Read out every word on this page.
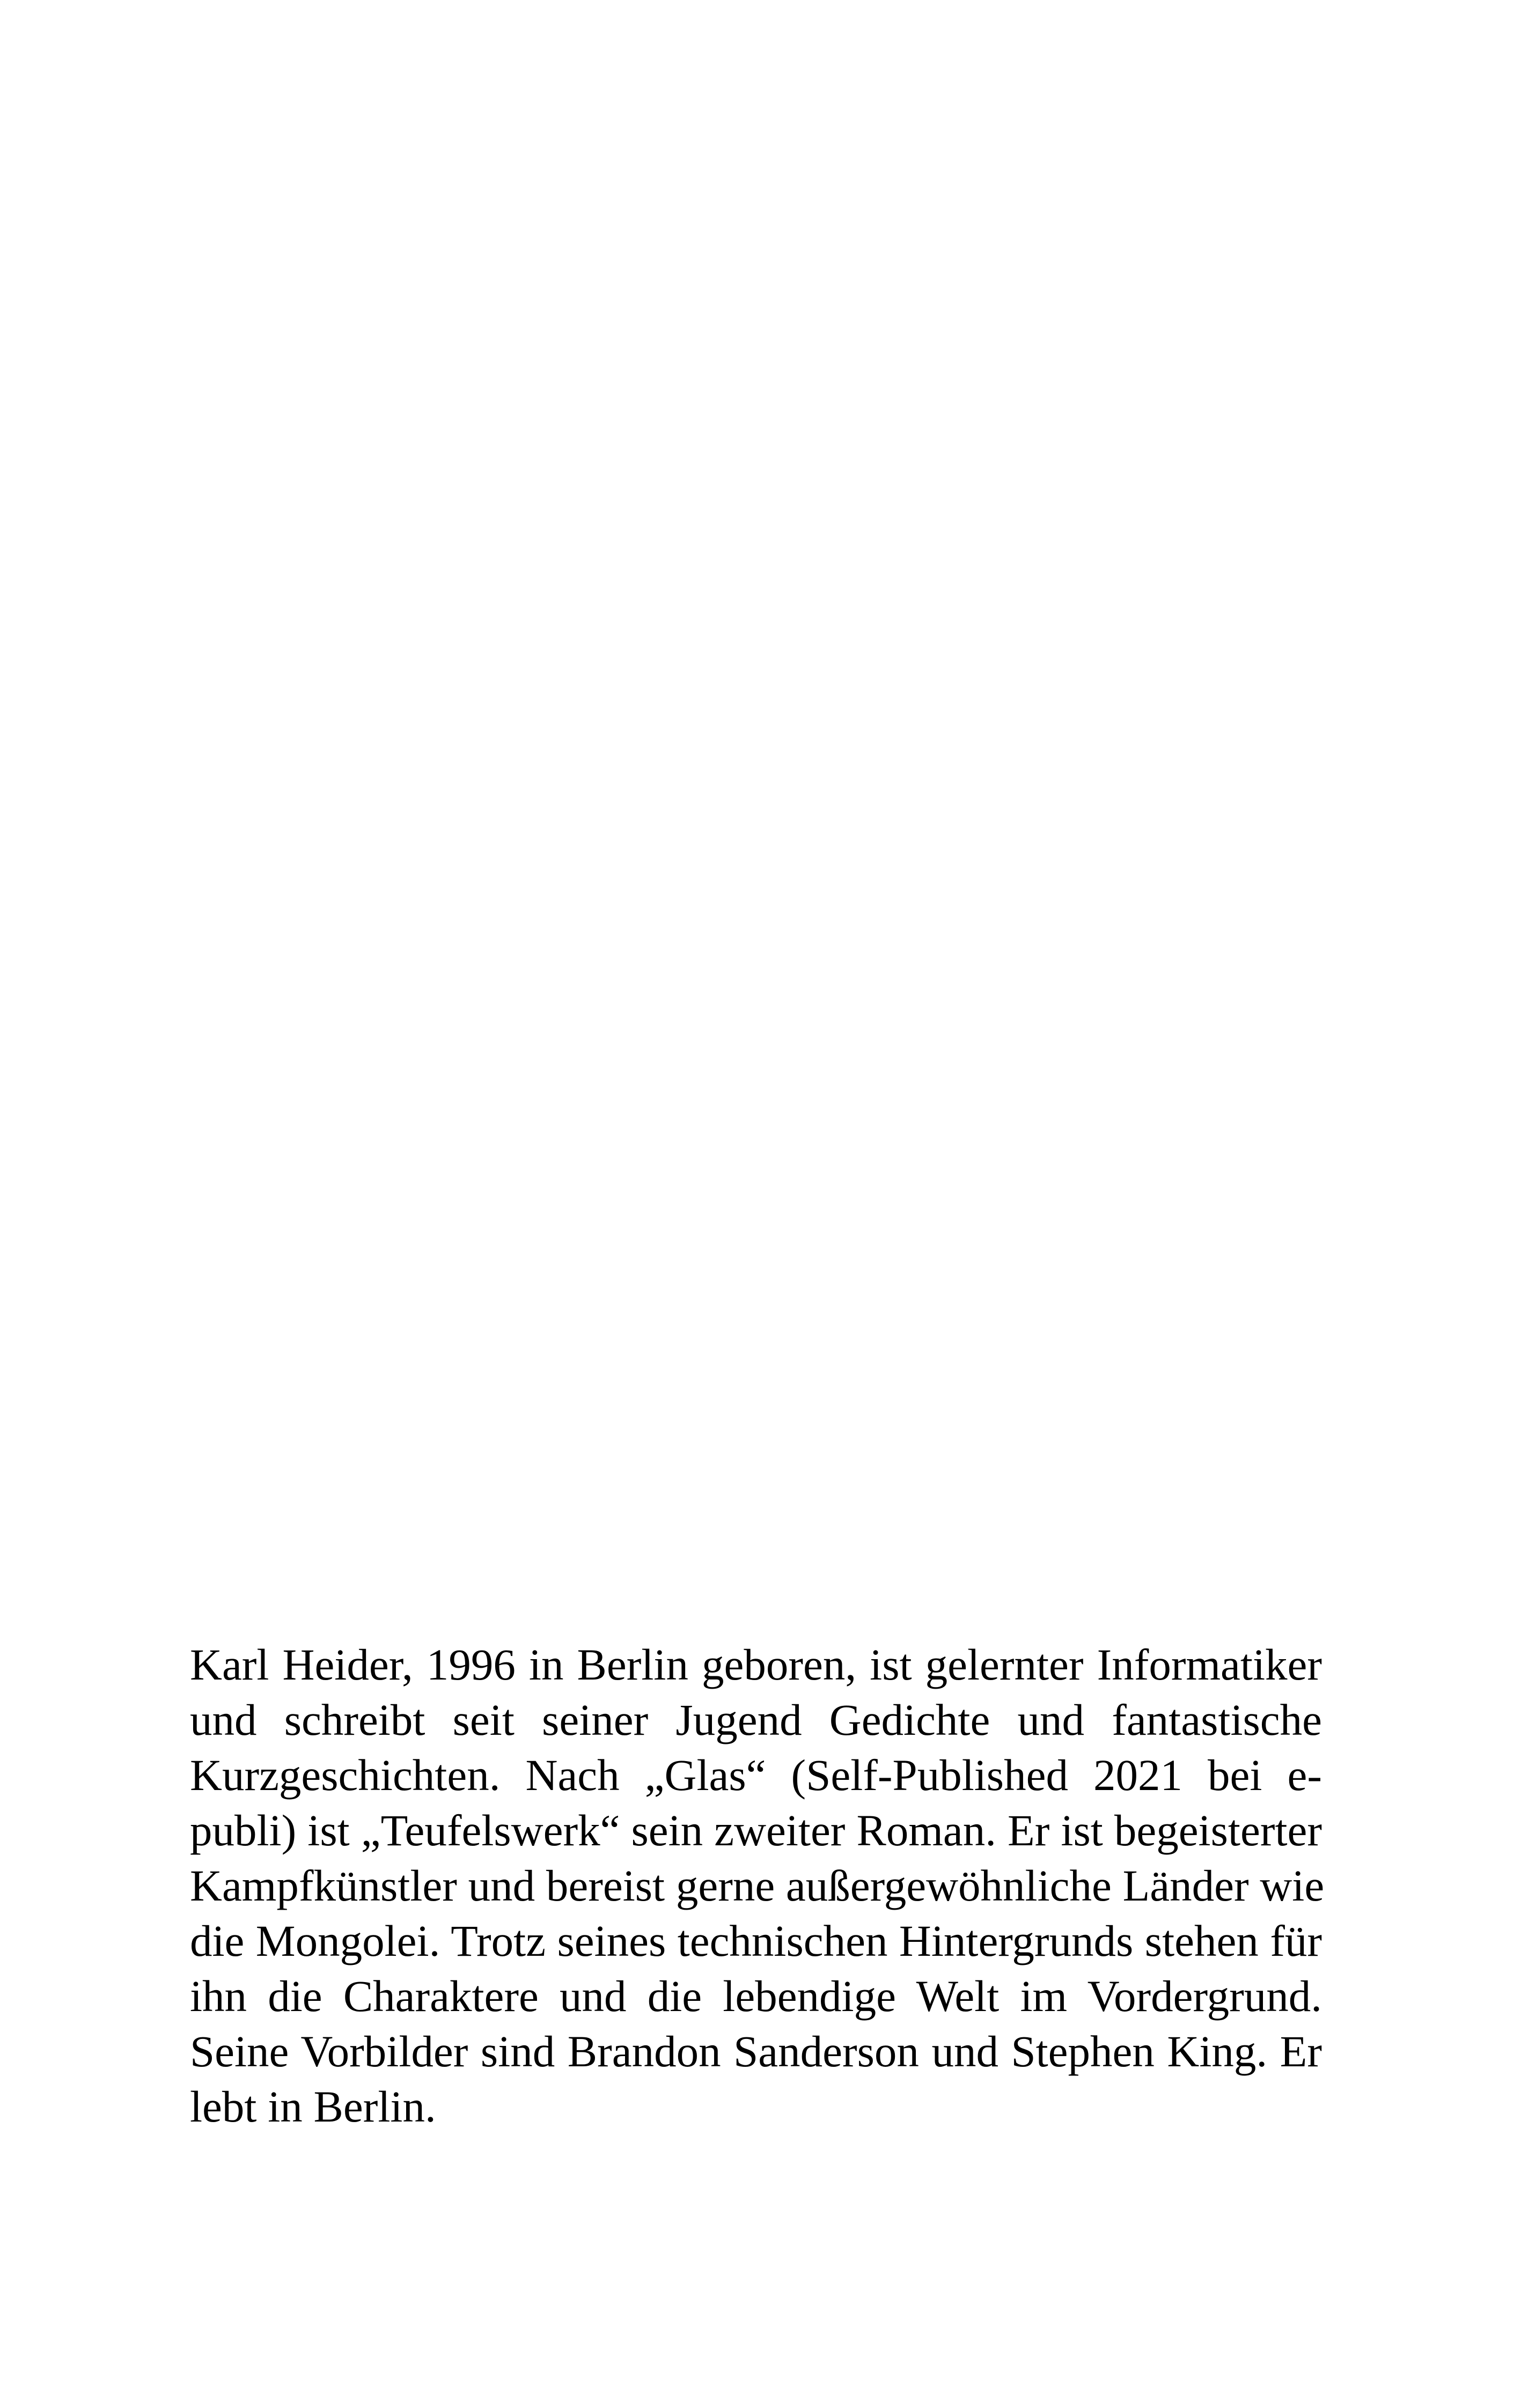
Karl Heider, 1996 in Berlin geboren, ist gelernter Informatiker
und schreibt seit seiner Jugend Gedichte und fantastische
Kurzgeschichten. Nach „Glas“ (Self-Published 2021 bei e-
publi) ist „Teufelswerk“ sein zweiter Roman. Er ist begeisterter
Kampfkünstler und bereist gerne außergewöhnliche Länder wie
die Mongolei. Trotz seines technischen Hintergrunds stehen für
ihn die Charaktere und die lebendige Welt im Vordergrund.
Seine Vorbilder sind Brandon Sanderson und Stephen King. Er
lebt in Berlin.
